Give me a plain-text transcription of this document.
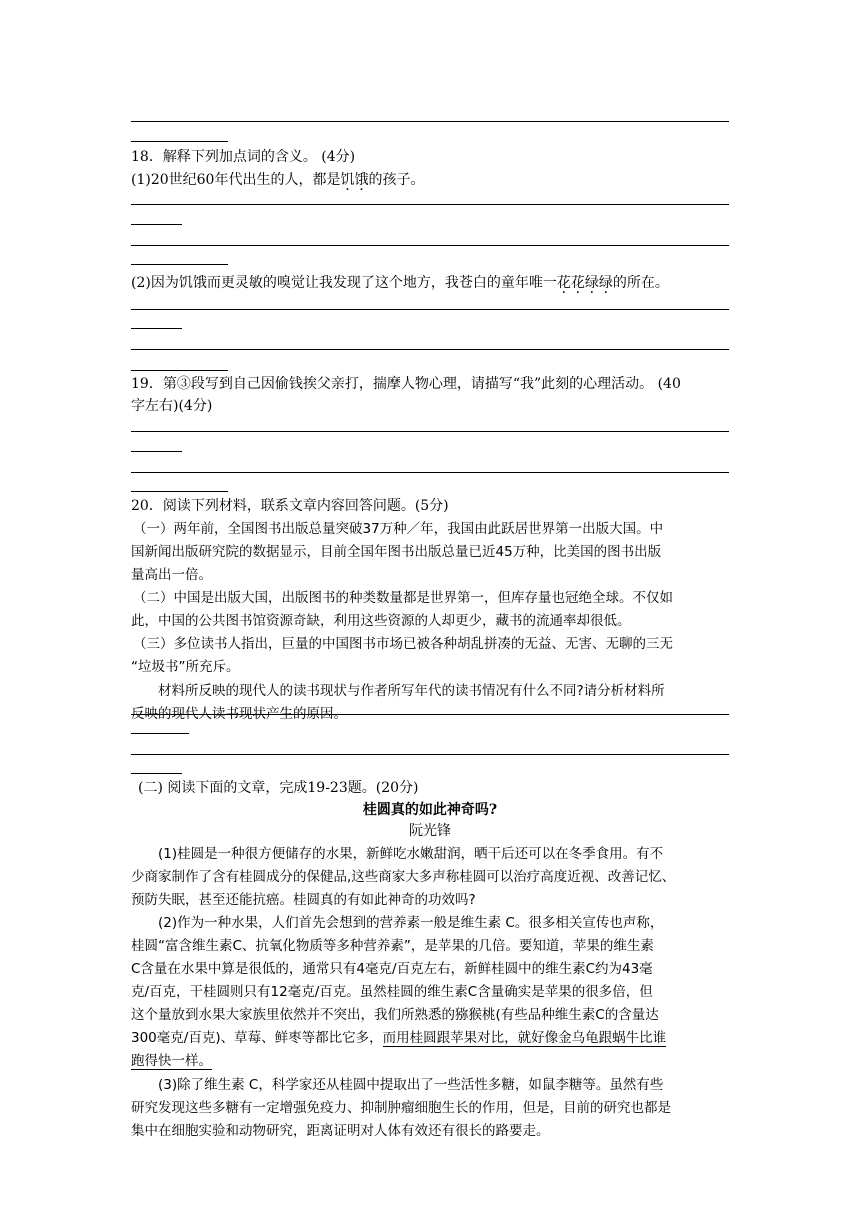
18．解释下列加点词的含义。 (4分)
(1)20世纪60年代出生的人，都是饥饿的孩子。
(2)因为饥饿而更灵敏的嗅觉让我发现了这个地方，我苍白的童年唯一花花绿绿的所在。
19．第③段写到自己因偷钱挨父亲打，揣摩人物心理，请描写“我”此刻的心理活动。 (40
字左右)(4分)
20．阅读下列材料，联系文章内容回答问题。(5分)
（一）两年前，全国图书出版总量突破37万种／年，我国由此跃居世界第一出版大国。中
国新闻出版研究院的数据显示，目前全国年图书出版总量已近45万种，比美国的图书出版
量高出一倍。
（二）中国是出版大国，出版图书的种类数量都是世界第一，但库存量也冠绝全球。不仅如
此，中国的公共图书馆资源奇缺，利用这些资源的人却更少，藏书的流通率却很低。
（三）多位读书人指出，巨量的中国图书市场已被各种胡乱拼凑的无益、无害、无聊的三无
“垃圾书”所充斥。
材料所反映的现代人的读书现状与作者所写年代的读书情况有什么不同?请分析材料所
反映的现代人读书现状产生的原因。
(二) 阅读下面的文章，完成19-23题。(20分)
桂圆真的如此神奇吗?
阮光锋
(1)桂圆是一种很方便储存的水果，新鲜吃水嫩甜润，晒干后还可以在冬季食用。有不
少商家制作了含有桂圆成分的保健品,这些商家大多声称桂圆可以治疗高度近视、改善记忆、
预防失眠，甚至还能抗癌。桂圆真的有如此神奇的功效吗?
(2)作为一种水果，人们首先会想到的营养素一般是维生素 C。很多相关宣传也声称，
桂圆“富含维生素C、抗氧化物质等多种营养素”，是苹果的几倍。要知道，苹果的维生素
C含量在水果中算是很低的，通常只有4毫克/百克左右，新鲜桂圆中的维生素C约为43毫
克/百克，干桂圆则只有12毫克/百克。虽然桂圆的维生素C含量确实是苹果的很多倍，但
这个量放到水果大家族里依然并不突出，我们所熟悉的猕猴桃(有些品种维生素C的含量达
300毫克/百克)、草莓、鲜枣等都比它多，而用桂圆跟苹果对比，就好像金乌龟跟蜗牛比谁
跑得快一样。
(3)除了维生素 C，科学家还从桂圆中提取出了一些活性多糖，如鼠李糖等。虽然有些
研究发现这些多糖有一定增强免疫力、抑制肿瘤细胞生长的作用，但是，目前的研究也都是
集中在细胞实验和动物研究，距离证明对人体有效还有很长的路要走。
